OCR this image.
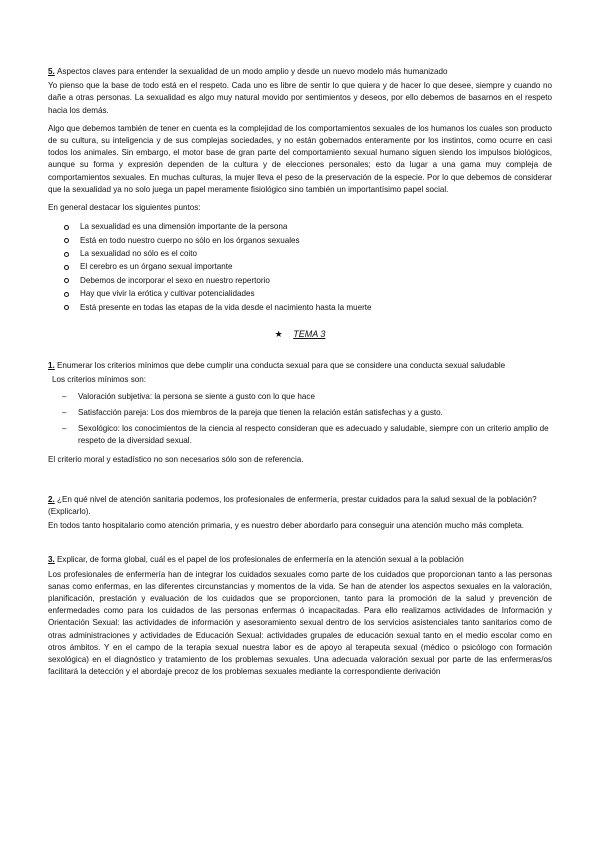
5. Aspectos claves para entender la sexualidad de un modo amplio y desde un nuevo modelo más humanizado

Yo pienso que la base de todo está en el respeto. Cada uno es libre de sentir lo que quiera y de hacer lo que desee, siempre y cuando no dañe a otras personas. La sexualidad es algo muy natural movido por sentimientos y deseos, por ello debemos de basarnos en el respeto hacia los demás.

Algo que debemos también de tener en cuenta es la complejidad de los comportamientos sexuales de los humanos los cuales son producto de su cultura, su inteligencia y de sus complejas sociedades, y no están gobernados enteramente por los instintos, como ocurre en casi todos los animales. Sin embargo, el motor base de gran parte del comportamiento sexual humano siguen siendo los impulsos biológicos, aunque su forma y expresión dependen de la cultura y de elecciones personales; esto da lugar a una gama muy compleja de comportamientos sexuales. En muchas culturas, la mujer lleva el peso de la preservación de la especie. Por lo que debemos de considerar que la sexualidad ya no solo juega un papel meramente fisiológico sino también un importantísimo papel social.

En general destacar los siguientes puntos:

La sexualidad es una dimensión importante de la persona
Está en todo nuestro cuerpo no sólo en los órganos sexuales
La sexualidad no sólo es el coito
El cerebro es un órgano sexual importante
Debemos de incorporar el sexo en nuestro repertorio
Hay que vivir la erótica y cultivar potencialidades
Está presente en todas las etapas de la vida desde el nacimiento hasta la muerte
★ TEMA 3
1. Enumerar los criterios mínimos que debe cumplir una conducta sexual para que se considere una conducta sexual saludable
Los criterios mínimos son:
– Valoración subjetiva: la persona se siente a gusto con lo que hace
– Satisfacción pareja: Los dos miembros de la pareja que tienen la relación están satisfechas y a gusto.
– Sexológico: los conocimientos de la ciencia al respecto consideran que es adecuado y saludable, siempre con un criterio amplio de respeto de la diversidad sexual.

El criterio moral y estadístico no son necesarios sólo son de referencia.

2. ¿En qué nivel de atención sanitaria podemos, los profesionales de enfermería, prestar cuidados para la salud sexual de la población? (Explicarlo).

En todos tanto hospitalario como atención primaria, y es nuestro deber abordarlo para conseguir una atención mucho más completa.

3. Explicar, de forma global, cuál es el papel de los profesionales de enfermería en la atención sexual a la población

Los profesionales de enfermería han de integrar los cuidados sexuales como parte de los cuidados que proporcionan tanto a las personas sanas como enfermas, en las diferentes circunstancias y momentos de la vida. Se han de atender los aspectos sexuales en la valoración, planificación, prestación y evaluación de los cuidados que se proporcionen, tanto para la promoción de la salud y prevención de enfermedades como para los cuidados de las personas enfermas ó incapacitadas. Para ello realizamos actividades de Información y Orientación Sexual: las actividades de información y asesoramiento sexual dentro de los servicios asistenciales tanto sanitarios como de otras administraciones y actividades de Educación Sexual: actividades grupales de educación sexual tanto en el medio escolar como en otros ámbitos. Y en el campo de la terapia sexual nuestra labor es de apoyo al terapeuta sexual (médico o psicólogo con formación sexológica) en el diagnóstico y tratamiento de los problemas sexuales. Una adecuada valoración sexual por parte de las enfermeras/os facilitará la detección y el abordaje precoz de los problemas sexuales mediante la correspondiente derivación
